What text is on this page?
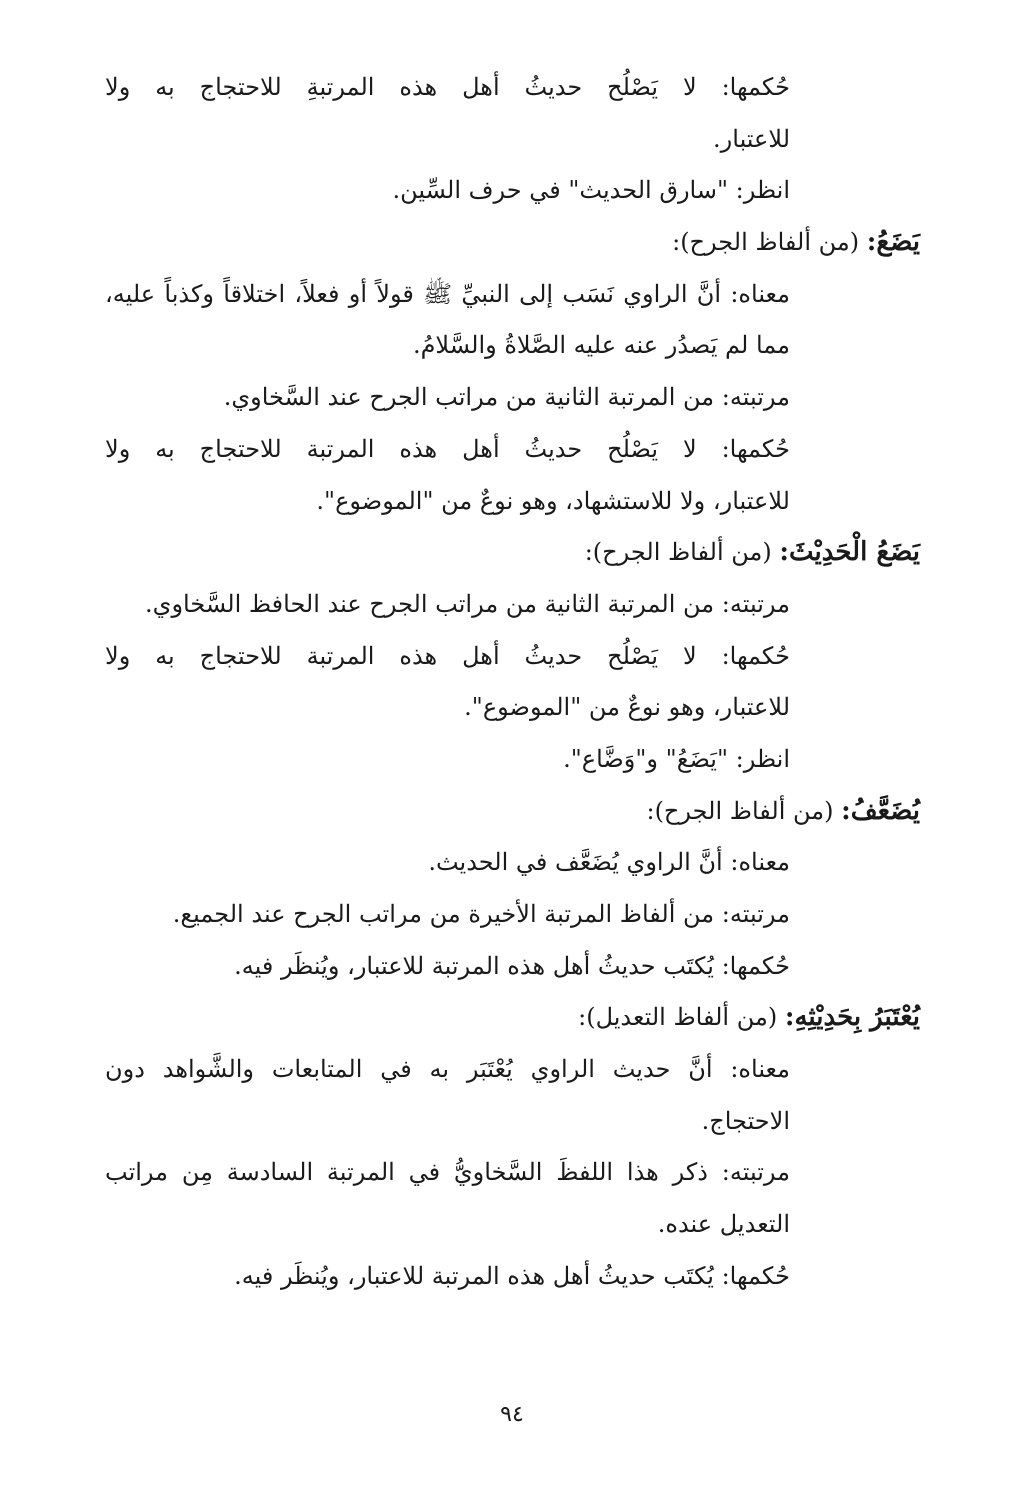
حُكمها: لا يَصْلُح حديثُ أهل هذه المرتبةِ للاحتجاج به ولا
للاعتبار.
انظر: "سارق الحديث" في حرف السِّين.
يَضَعُ: (من ألفاظ الجرح):
معناه: أنَّ الراوي نَسَب إلى النبيِّ ﷺ قولاً أو فعلاً، اختلاقاً وكذباً عليه،
مما لم يَصدُر عنه عليه الصَّلاةُ والسَّلامُ.
مرتبته: من المرتبة الثانية من مراتب الجرح عند السَّخاوي.
حُكمها: لا يَصْلُح حديثُ أهل هذه المرتبة للاحتجاج به ولا
للاعتبار، ولا للاستشهاد، وهو نوعٌ من "الموضوع".
يَضَعُ الْحَدِيْثَ: (من ألفاظ الجرح):
مرتبته: من المرتبة الثانية من مراتب الجرح عند الحافظ السَّخاوي.
حُكمها: لا يَصْلُح حديثُ أهل هذه المرتبة للاحتجاج به ولا
للاعتبار، وهو نوعٌ من "الموضوع".
انظر: "يَضَعُ" و"وَضَّاع".
يُضَعَّفُ: (من ألفاظ الجرح):
معناه: أنَّ الراوي يُضَعَّف في الحديث.
مرتبته: من ألفاظ المرتبة الأخيرة من مراتب الجرح عند الجميع.
حُكمها: يُكتَب حديثُ أهل هذه المرتبة للاعتبار، ويُنظَر فيه.
يُعْتَبَرُ بِحَدِيْثِهِ: (من ألفاظ التعديل):
معناه: أنَّ حديث الراوي يُعْتَبَر به في المتابعات والشَّواهد دون
الاحتجاج.
مرتبته: ذكر هذا اللفظَ السَّخاويُّ في المرتبة السادسة مِن مراتب
التعديل عنده.
حُكمها: يُكتَب حديثُ أهل هذه المرتبة للاعتبار، ويُنظَر فيه.
٩٤
